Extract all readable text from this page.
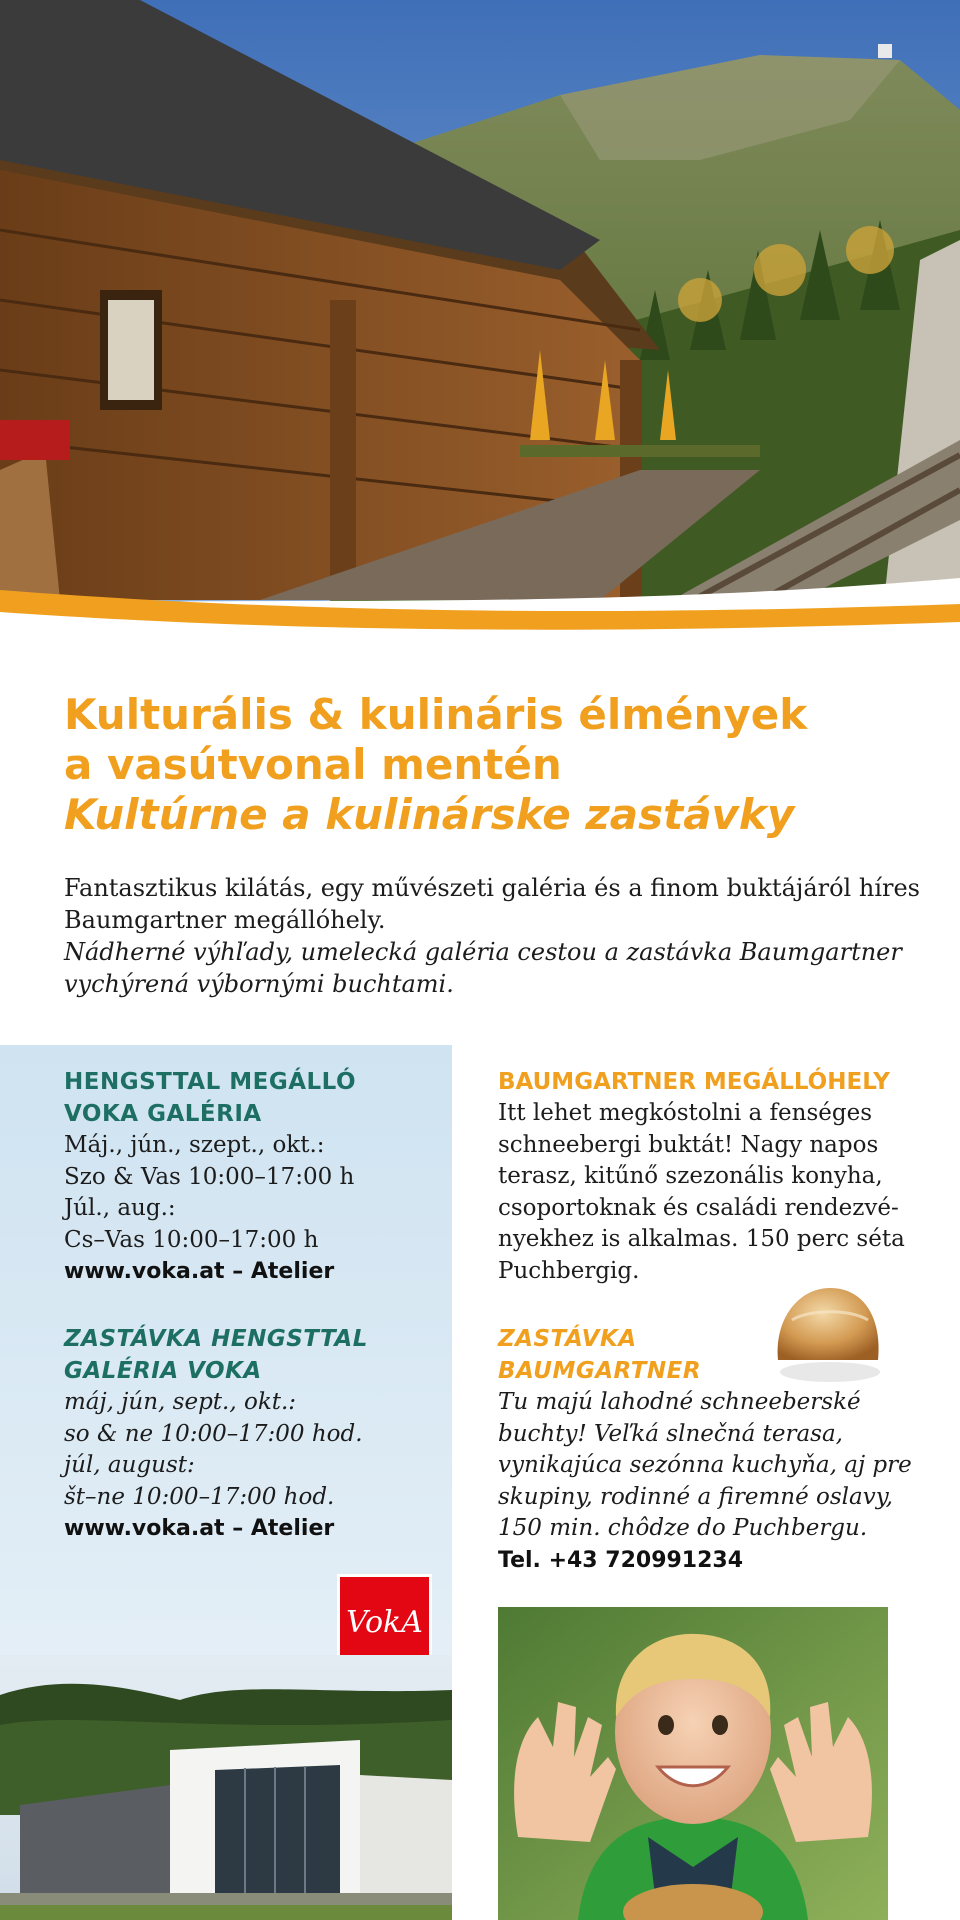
Kulturális & kulináris élmények
a vasútvonal mentén
Kultúrne a kulinárske zastávky

Fantasztikus kilátás, egy művészeti galéria és a finom buktájáról híres
Baumgartner megállóhely.
Nádherné výhľady, umelecká galéria cestou a zastávka Baumgartner
vychýrená výbornými buchtami.

HENGSTTAL MEGÁLLÓ
VOKA GALÉRIA
Máj., jún., szept., okt.:
Szo & Vas 10:00–17:00 h
Júl., aug.:
Cs–Vas 10:00–17:00 h
www.voka.at – Atelier
ZASTÁVKA HENGSTTAL
GALÉRIA VOKA
máj, jún, sept., okt.:
so & ne 10:00–17:00 hod.
júl, august:
št–ne 10:00–17:00 hod.
www.voka.at – Atelier
VokA
BAUMGARTNER MEGÁLLÓHELY
Itt lehet megkóstolni a fenséges
schneebergi buktát! Nagy napos
terasz, kitűnő szezonális konyha,
csoportoknak és családi rendezvé-
nyekhez is alkalmas. 150 perc séta
Puchbergig.
ZASTÁVKA
BAUMGARTNER
Tu majú lahodné schneeberské
buchty! Veľká slnečná terasa,
vynikajúca sezónna kuchyňa, aj pre
skupiny, rodinné a firemné oslavy,
150 min. chôdze do Puchbergu.
Tel. +43 720991234
